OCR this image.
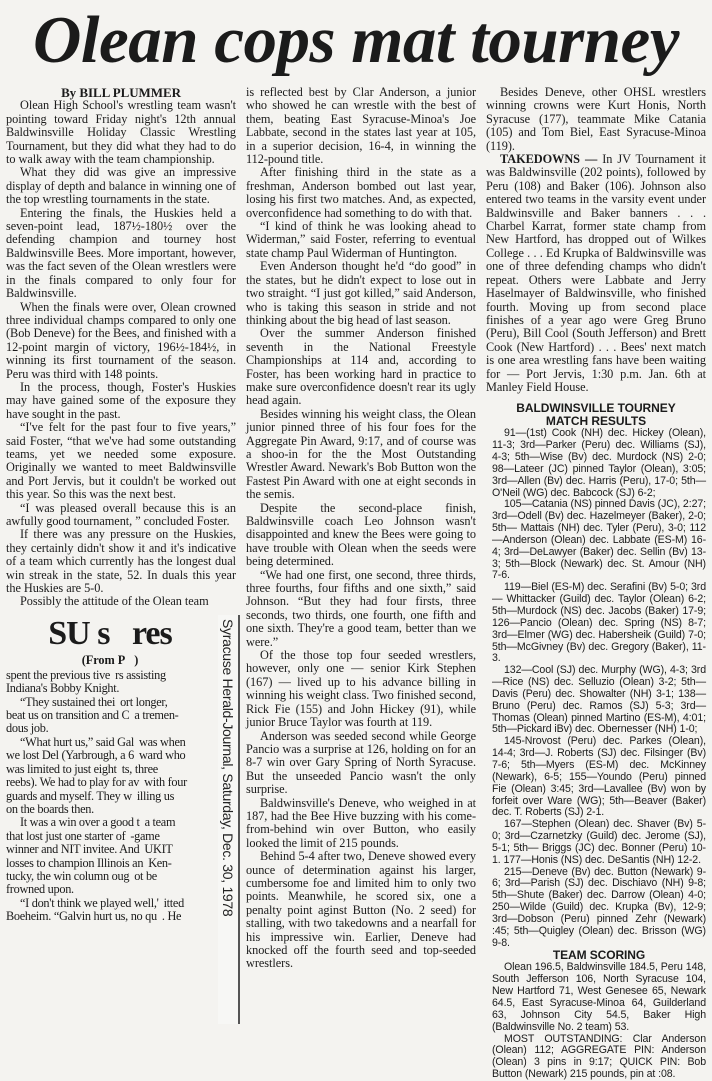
Olean cops mat tourney

By BILL PLUMMER

Olean High School's wrestling team wasn't pointing toward Friday night's 12th annual Baldwinsville Holiday Classic Wrestling Tournament, but they did what they had to do to walk away with the team championship.

What they did was give an impressive display of depth and balance in winning one of the top wrestling tournaments in the state.

Entering the finals, the Huskies held a seven-point lead, 187½-180½ over the defending champion and tourney host Baldwinsville Bees. More important, however, was the fact seven of the Olean wrestlers were in the finals compared to only four for Baldwinsville.

When the finals were over, Olean crowned three individual champs compared to only one (Bob Deneve) for the Bees, and finished with a 12-point margin of victory, 196½-184½, in winning its first tournament of the season. Peru was third with 148 points.

In the process, though, Foster's Huskies may have gained some of the exposure they have sought in the past.

“I've felt for the past four to five years,” said Foster, “that we've had some outstanding teams, yet we needed some exposure. Originally we wanted to meet Baldwinsville and Port Jervis, but it couldn't be worked out this year. So this was the next best.

“I was pleased overall because this is an awfully good tournament, ” concluded Foster.

If there was any pressure on the Huskies, they certainly didn't show it and it's indicative of a team which currently has the longest dual win streak in the state, 52. In duals this year the Huskies are 5-0.

Possibly the attitude of the Olean team

SU s res
(From P )
spent the previous tive rs assisting
Indiana's Bobby Knight.
“They sustained thei ort longer,
beat us on transition and C a tremen-
dous job.
“What hurt us,” said Gal was when
we lost Del (Yarbrough, a 6 ward who
was limited to just eight ts, three
reebs). We had to play for av with four
guards and myself. They w illing us
on the boards then.
It was a win over a good t a team
that lost just one starter of -game
winner and NIT invitee. And UKIT
losses to champion Illinois an Ken-
tucky, the win column oug ot be
frowned upon.
“I don't think we played well,' itted
Boeheim. “Galvin hurt us, no qu . He

is reflected best by Clar Anderson, a junior who showed he can wrestle with the best of them, beating East Syracuse-Minoa's Joe Labbate, second in the states last year at 105, in a superior decision, 16-4, in winning the 112-pound title.

After finishing third in the state as a freshman, Anderson bombed out last year, losing his first two matches. And, as expected, overconfidence had something to do with that.

“I kind of think he was looking ahead to Widerman,” said Foster, referring to eventual state champ Paul Widerman of Huntington.

Even Anderson thought he'd “do good” in the states, but he didn't expect to lose out in two straight. “I just got killed,” said Anderson, who is taking this season in stride and not thinking about the big head of last season.

Over the summer Anderson finished seventh in the National Freestyle Championships at 114 and, according to Foster, has been working hard in practice to make sure overconfidence doesn't rear its ugly head again.

Besides winning his weight class, the Olean junior pinned three of his four foes for the Aggregate Pin Award, 9:17, and of course was a shoo-in for the the Most Outstanding Wrestler Award. Newark's Bob Button won the Fastest Pin Award with one at eight seconds in the semis.

Despite the second-place finish, Baldwinsville coach Leo Johnson wasn't disappointed and knew the Bees were going to have trouble with Olean when the seeds were being determined.

“We had one first, one second, three thirds, three fourths, four fifths and one sixth,” said Johnson. “But they had four firsts, three seconds, two thirds, one fourth, one fifth and one sixth. They're a good team, better than we were.”

Of the those top four seeded wrestlers, however, only one — senior Kirk Stephen (167) — lived up to his advance billing in winning his weight class. Two finished second, Rick Fie (155) and John Hickey (91), while junior Bruce Taylor was fourth at 119.

Anderson was seeded second while George Pancio was a surprise at 126, holding on for an 8-7 win over Gary Spring of North Syracuse. But the unseeded Pancio wasn't the only surprise.

Baldwinsville's Deneve, who weighed in at 187, had the Bee Hive buzzing with his come-from-behind win over Button, who easily looked the limit of 215 pounds.

Behind 5-4 after two, Deneve showed every ounce of determination against his larger, cumbersome foe and limited him to only two points. Meanwhile, he scored six, one a penalty point aginst Button (No. 2 seed) for stalling, with two takedowns and a nearfall for his impressive win. Earlier, Deneve had knocked off the fourth seed and top-seeded wrestlers.

Besides Deneve, other OHSL wrestlers winning crowns were Kurt Honis, North Syracuse (177), teammate Mike Catania (105) and Tom Biel, East Syracuse-Minoa (119).

TAKEDOWNS — In JV Tournament it was Baldwinsville (202 points), followed by Peru (108) and Baker (106). Johnson also entered two teams in the varsity event under Baldwinsville and Baker banners . . . Charbel Karrat, former state champ from New Hartford, has dropped out of Wilkes College . . . Ed Krupka of Baldwinsville was one of three defending champs who didn't repeat. Others were Labbate and Jerry Haselmayer of Baldwinsville, who finished fourth. Moving up from second place finishes of a year ago were Greg Bruno (Peru), Bill Cool (South Jefferson) and Brett Cook (New Hartford) . . . Bees' next match is one area wrestling fans have been waiting for — Port Jervis, 1:30 p.m. Jan. 6th at Manley Field House.

BALDWINSVILLE TOURNEY
MATCH RESULTS

91—(1st) Cook (NH) dec. Hickey (Olean), 11-3; 3rd—Parker (Peru) dec. Williams (SJ), 4-3; 5th—Wise (Bv) dec. Murdock (NS) 2-0; 98—Lateer (JC) pinned Taylor (Olean), 3:05; 3rd—Allen (Bv) dec. Harris (Peru), 17-0; 5th—O'Neil (WG) dec. Babcock (SJ) 6-2;

105—Catania (NS) pinned Davis (JC), 2:27; 3rd—Odell (Bv) dec. Hazelmeyer (Baker), 2-0; 5th— Mattais (NH) dec. Tyler (Peru), 3-0; 112—Anderson (Olean) dec. Labbate (ES-M) 16-4; 3rd—DeLawyer (Baker) dec. Sellin (Bv) 13-3; 5th—Block (Newark) dec. St. Amour (NH) 7-6.

119—Biel (ES-M) dec. Serafini (Bv) 5-0; 3rd— Whittacker (Guild) dec. Taylor (Olean) 6-2; 5th—Murdock (NS) dec. Jacobs (Baker) 17-9; 126—Pancio (Olean) dec. Spring (NS) 8-7; 3rd—Elmer (WG) dec. Habersheik (Guild) 7-0; 5th—McGivney (Bv) dec. Gregory (Baker), 11-3.

132—Cool (SJ) dec. Murphy (WG), 4-3; 3rd—Rice (NS) dec. Selluzio (Olean) 3-2; 5th—Davis (Peru) dec. Showalter (NH) 3-1; 138—Bruno (Peru) dec. Ramos (SJ) 5-3; 3rd—Thomas (Olean) pinned Martino (ES-M), 4:01; 5th—Pickard iBv) dec. Obernesser (NH) 1-0;

145-Nrovost (Peru) dec. Parkes (Olean), 14-4; 3rd—J. Roberts (SJ) dec. Filsinger (Bv) 7-6; 5th—Myers (ES-M) dec. McKinney (Newark), 6-5; 155—Youndo (Peru) pinned Fie (Olean) 3:45; 3rd—Lavallee (Bv) won by forfeit over Ware (WG); 5th—Beaver (Baker) dec. T. Roberts (SJ) 2-1.

167—Stephen (Olean) dec. Shaver (Bv) 5-0; 3rd—Czarnetzky (Guild) dec. Jerome (SJ), 5-1; 5th— Briggs (JC) dec. Bonner (Peru) 10-1. 177—Honis (NS) dec. DeSantis (NH) 12-2.

215—Deneve (Bv) dec. Button (Newark) 9-6; 3rd—Parish (SJ) dec. Dischiavo (NH) 9-8; 5th—Shute (Baker) dec. Darrow (Olean) 4-0; 250—Wilde (Guild) dec. Krupka (Bv), 12-9; 3rd—Dobson (Peru) pinned Zehr (Newark) :45; 5th—Quigley (Olean) dec. Brisson (WG) 9-8.

TEAM SCORING

Olean 196.5, Baldwinsville 184.5, Peru 148, South Jefferson 106, North Syracuse 104, New Hartford 71, West Genesee 65, Newark 64.5, East Syracuse-Minoa 64, Guilderland 63, Johnson City 54.5, Baker High (Baldwinsville No. 2 team) 53.

MOST OUTSTANDING: Clar Anderson (Olean) 112; AGGREGATE PIN: Anderson (Olean) 3 pins in 9:17; QUICK PIN: Bob Button (Newark) 215 pounds, pin at :08.

Syracuse Herald-Journal, Saturday, Dec. 30, 1978
